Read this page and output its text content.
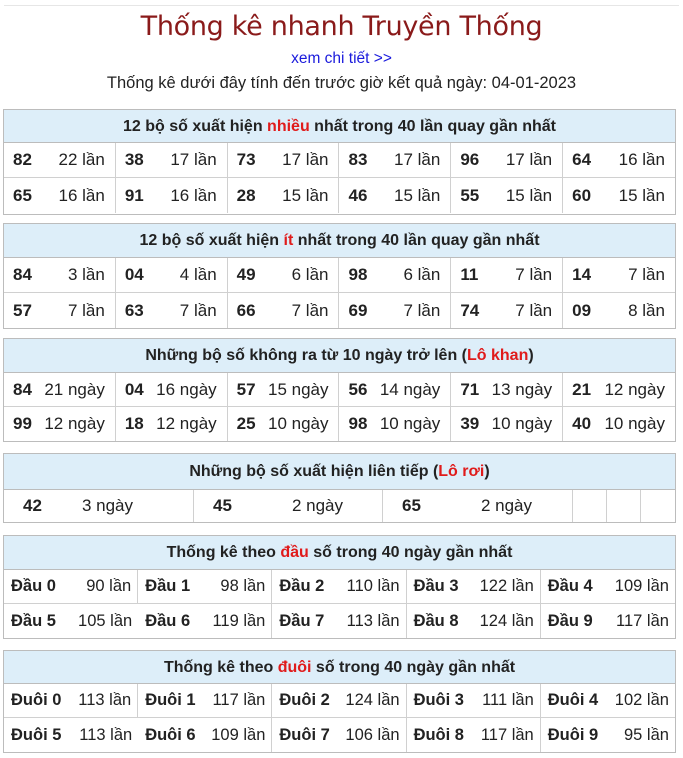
Thống kê nhanh Truyền Thống
xem chi tiết >>
Thống kê dưới đây tính đến trước giờ kết quả ngày: 04-01-2023
12 bộ số xuất hiện nhiều nhất trong 40 lần quay gần nhất
82 22 lần 38 17 lần 73 17 lần 83 17 lần 96 17 lần 64 16 lần
65 16 lần 91 16 lần 28 15 lần 46 15 lần 55 15 lần 60 15 lần
12 bộ số xuất hiện ít nhất trong 40 lần quay gần nhất
84 3 lần 04 4 lần 49 6 lần 98 6 lần 11 7 lần 14 7 lần
57 7 lần 63 7 lần 66 7 lần 69 7 lần 74 7 lần 09 8 lần
Những bộ số không ra từ 10 ngày trở lên (Lô khan)
84 21 ngày 04 16 ngày 57 15 ngày 56 14 ngày 71 13 ngày 21 12 ngày
99 12 ngày 18 12 ngày 25 10 ngày 98 10 ngày 39 10 ngày 40 10 ngày
Những bộ số xuất hiện liên tiếp (Lô rơi)
42 3 ngày	45	2 ngày	65	2 ngày
Thống kê theo đầu số trong 40 ngày gần nhất
Đầu 0 90 lần Đầu 1 98 lần Đầu 2 110 lần Đầu 3 122 lần Đầu 4 109 lần
Đầu 5 105 lần Đầu 6 119 lần Đầu 7 113 lần Đầu 8 124 lần Đầu 9 117 lần
Thống kê theo đuôi số trong 40 ngày gần nhất
Đuôi 0 113 lần Đuôi 1 117 lần Đuôi 2 124 lần Đuôi 3 111 lần Đuôi 4 102 lần
Đuôi 5 113 lần Đuôi 6 109 lần Đuôi 7 106 lần Đuôi 8 117 lần Đuôi 9 95 lần
